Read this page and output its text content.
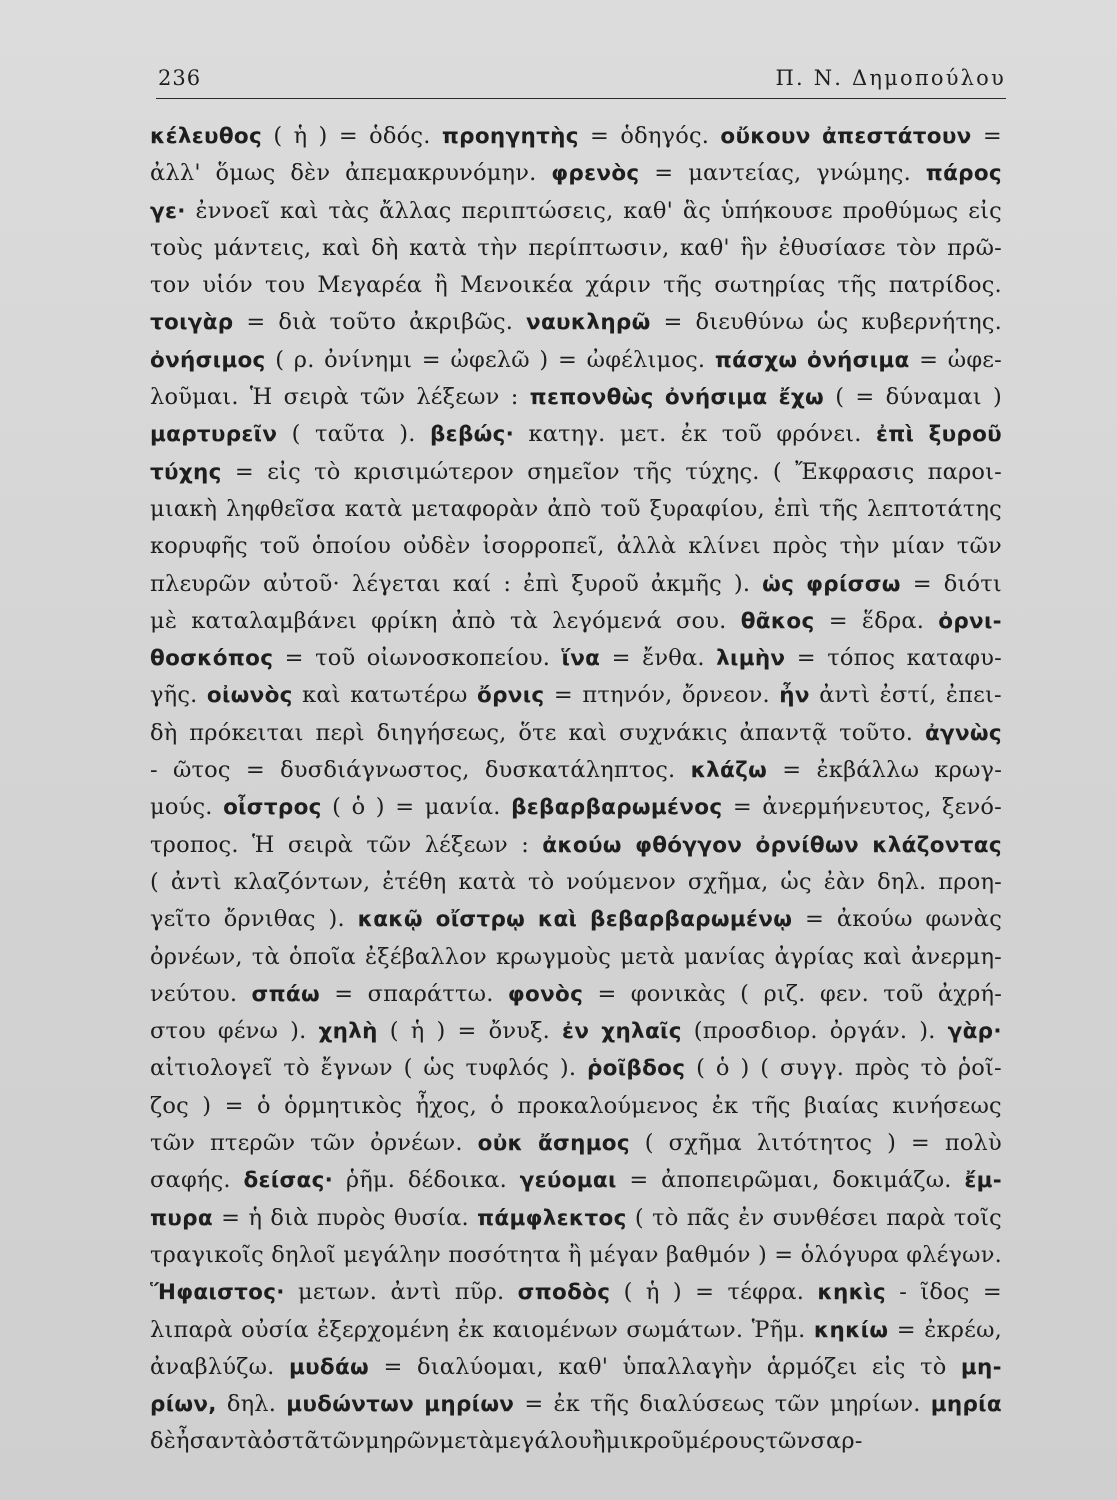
236	Π. Ν. Δημοπούλου
κέλευθος ( ἡ ) = ὁδός. προηγητὴς = ὁδηγός. οὔκουν ἀπεστάτουν =
ἀλλ' ὅμως δὲν ἀπεμακρυνόμην. φρενὸς = μαντείας, γνώμης. πάρος
γε· ἐννοεῖ καὶ τὰς ἄλλας περιπτώσεις, καθ' ἃς ὑπήκουσε προθύμως εἰς
τοὺς μάντεις, καὶ δὴ κατὰ τὴν περίπτωσιν, καθ' ἣν ἐθυσίασε τὸν πρῶ-
τον υἱόν του Μεγαρέα ἢ Μενοικέα χάριν τῆς σωτηρίας τῆς πατρίδος.
τοιγὰρ = διὰ τοῦτο ἀκριβῶς. ναυκληρῶ = διευθύνω ὡς κυβερνήτης.
ὀνήσιμος ( ρ. ὀνίνημι = ὠφελῶ ) = ὠφέλιμος. πάσχω ὀνήσιμα = ὠφε-
λοῦμαι. Ἡ σειρὰ τῶν λέξεων : πεπονθὼς ὀνήσιμα ἔχω ( = δύναμαι )
μαρτυρεῖν ( ταῦτα ). βεβώς· κατηγ. μετ. ἐκ τοῦ φρόνει. ἐπὶ ξυροῦ
τύχης = εἰς τὸ κρισιμώτερον σημεῖον τῆς τύχης. ( Ἔκφρασις παροι-
μιακὴ ληφθεῖσα κατὰ μεταφορὰν ἀπὸ τοῦ ξυραφίου, ἐπὶ τῆς λεπτοτάτης
κορυφῆς τοῦ ὁποίου οὐδὲν ἰσορροπεῖ, ἀλλὰ κλίνει πρὸς τὴν μίαν τῶν
πλευρῶν αὐτοῦ· λέγεται καί : ἐπὶ ξυροῦ ἀκμῆς ). ὡς φρίσσω = διότι
μὲ καταλαμβάνει φρίκη ἀπὸ τὰ λεγόμενά σου. θᾶκος = ἕδρα. ὀρνι-
θοσκόπος = τοῦ οἰωνοσκοπείου. ἵνα = ἔνθα. λιμὴν = τόπος καταφυ-
γῆς. οἰωνὸς καὶ κατωτέρω ὄρνις = πτηνόν, ὄρνεον. ἦν ἀντὶ ἐστί, ἐπει-
δὴ πρόκειται περὶ διηγήσεως, ὅτε καὶ συχνάκις ἀπαντᾷ τοῦτο. ἀγνὼς
- ῶτος = δυσδιάγνωστος, δυσκατάληπτος. κλάζω = ἐκβάλλω κρωγ-
μούς. οἶστρος ( ὁ ) = μανία. βεβαρβαρωμένος = ἀνερμήνευτος, ξενό-
τροπος. Ἡ σειρὰ τῶν λέξεων : ἀκούω φθόγγον ὀρνίθων κλάζοντας
( ἀντὶ κλαζόντων, ἐτέθη κατὰ τὸ νούμενον σχῆμα, ὡς ἐὰν δηλ. προη-
γεῖτο ὄρνιθας ). κακῷ οἴστρῳ καὶ βεβαρβαρωμένῳ = ἀκούω φωνὰς
ὀρνέων, τὰ ὁποῖα ἐξέβαλλον κρωγμοὺς μετὰ μανίας ἀγρίας καὶ ἀνερμη-
νεύτου. σπάω = σπαράττω. φονὸς = φονικὰς ( ριζ. φεν. τοῦ ἀχρή-
στου φένω ). χηλὴ ( ἡ ) = ὄνυξ. ἐν χηλαῖς (προσδιορ. ὀργάν. ). γὰρ·
αἰτιολογεῖ τὸ ἔγνων ( ὡς τυφλός ). ῥοῖβδος ( ὁ ) ( συγγ. πρὸς τὸ ῥοῖ-
ζος ) = ὁ ὁρμητικὸς ἦχος, ὁ προκαλούμενος ἐκ τῆς βιαίας κινήσεως
τῶν πτερῶν τῶν ὀρνέων. οὐκ ἄσημος ( σχῆμα λιτότητος ) = πολὺ
σαφής. δείσας· ῥῆμ. δέδοικα. γεύομαι = ἀποπειρῶμαι, δοκιμάζω. ἔμ-
πυρα = ἡ διὰ πυρὸς θυσία. πάμφλεκτος ( τὸ πᾶς ἐν συνθέσει παρὰ τοῖς
τραγικοῖς δηλοῖ μεγάλην ποσότητα ἢ μέγαν βαθμόν ) = ὁλόγυρα φλέγων.
Ἥφαιστος· μετων. ἀντὶ πῦρ. σποδὸς ( ἡ ) = τέφρα. κηκὶς - ῖδος =
λιπαρὰ οὐσία ἐξερχομένη ἐκ καιομένων σωμάτων. Ῥῆμ. κηκίω = ἐκρέω,
ἀναβλύζω. μυδάω = διαλύομαι, καθ' ὑπαλλαγὴν ἁρμόζει εἰς τὸ μη-
ρίων, δηλ. μυδώντων μηρίων = ἐκ τῆς διαλύσεως τῶν μηρίων. μηρία
δὲ ἦσαν τὰ ὀστᾶ τῶν μηρῶν μετὰ μεγάλου ἢ μικροῦ μέρους τῶν σαρ-
